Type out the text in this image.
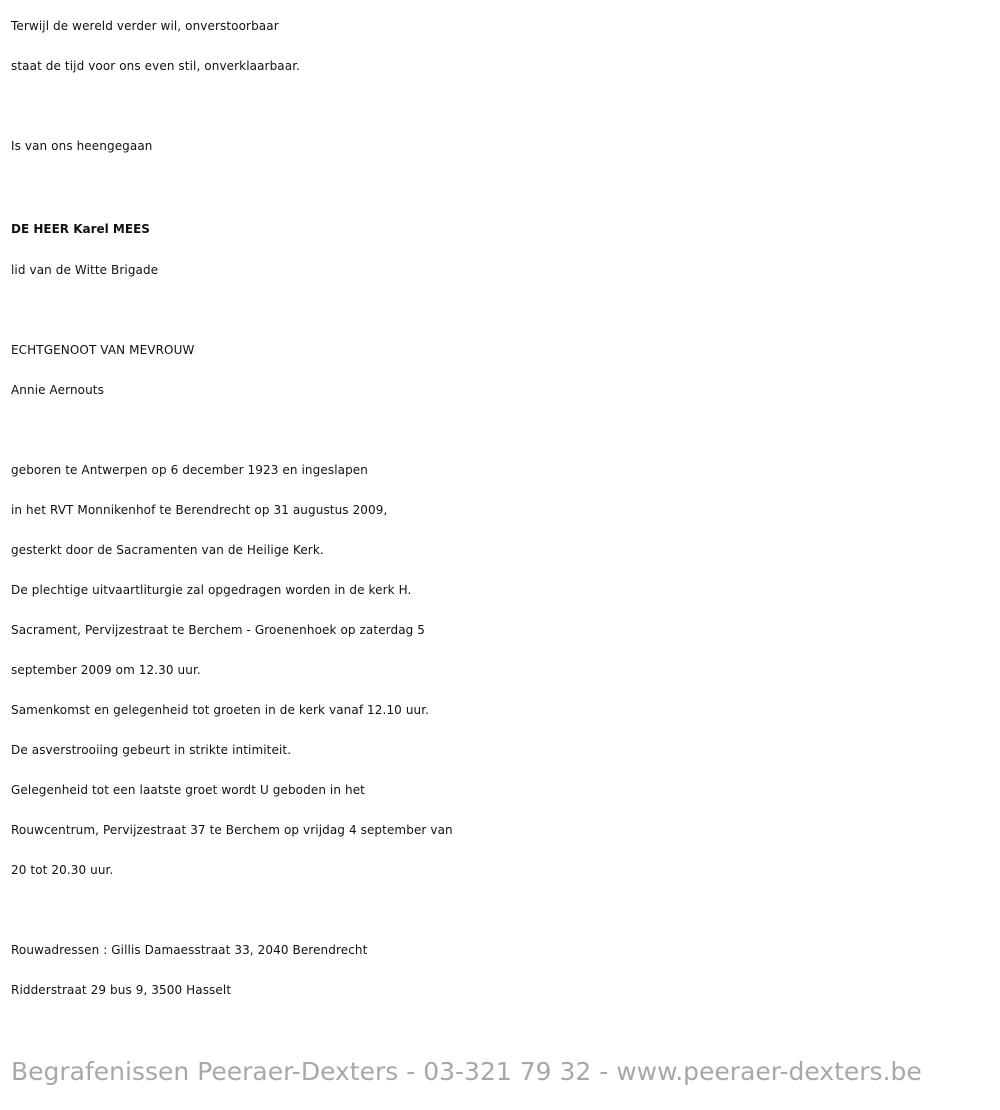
Terwijl de wereld verder wil, onverstoorbaar
staat de tijd voor ons even stil, onverklaarbaar.
Is van ons heengegaan
DE HEER Karel MEES
lid van de Witte Brigade
ECHTGENOOT VAN MEVROUW
Annie Aernouts
geboren te Antwerpen op 6 december 1923 en ingeslapen
in het RVT Monnikenhof te Berendrecht op 31 augustus 2009,
gesterkt door de Sacramenten van de Heilige Kerk.
De plechtige uitvaartliturgie zal opgedragen worden in de kerk H.
Sacrament, Pervijzestraat te Berchem - Groenenhoek op zaterdag 5
september 2009 om 12.30 uur.
Samenkomst en gelegenheid tot groeten in de kerk vanaf 12.10 uur.
De asverstrooiing gebeurt in strikte intimiteit.
Gelegenheid tot een laatste groet wordt U geboden in het
Rouwcentrum, Pervijzestraat 37 te Berchem op vrijdag 4 september van
20 tot 20.30 uur.
Rouwadressen : Gillis Damaesstraat 33, 2040 Berendrecht
Ridderstraat 29 bus 9, 3500 Hasselt
Begrafenissen Peeraer-Dexters - 03-321 79 32 - www.peeraer-dexters.be
